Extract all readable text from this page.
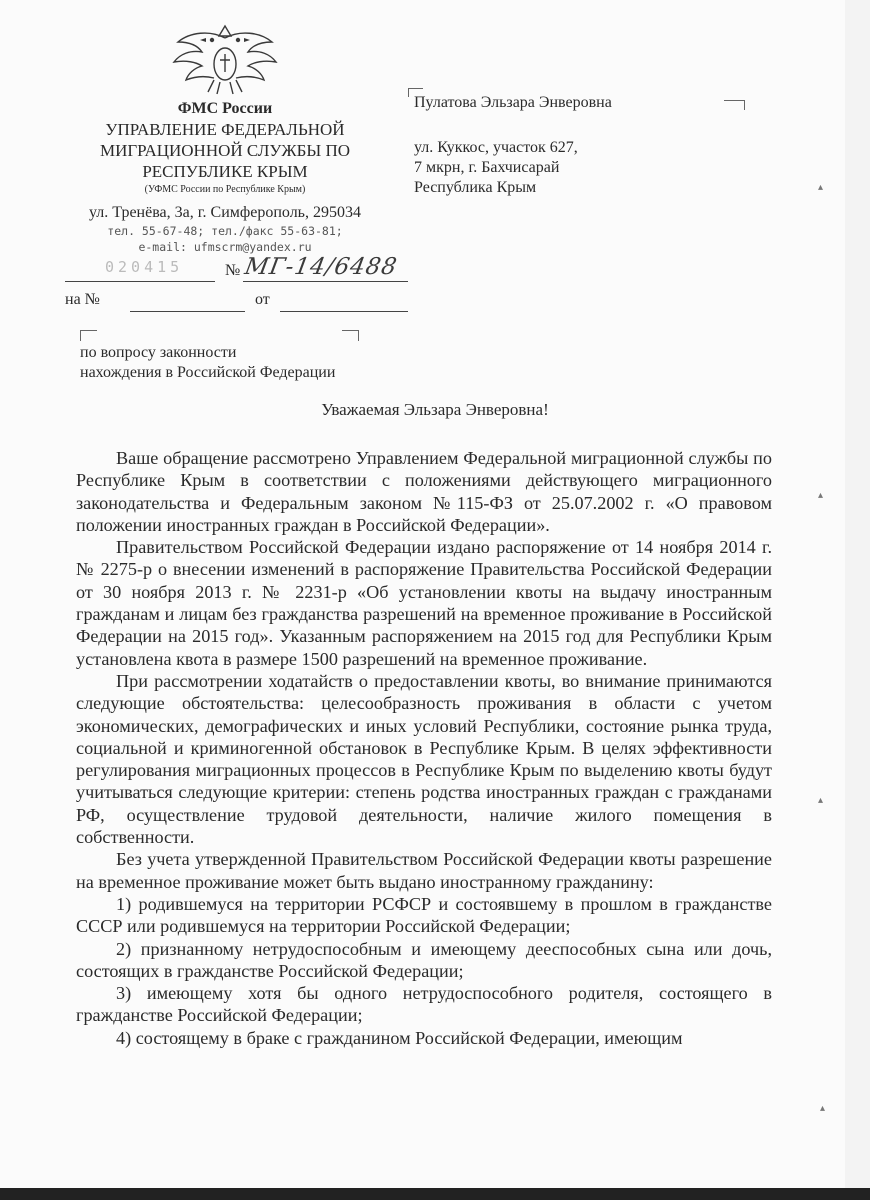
ФМС России
УПРАВЛЕНИЕ ФЕДЕРАЛЬНОЙ
МИГРАЦИОННОЙ СЛУЖБЫ ПО
РЕСПУБЛИКЕ КРЫМ
(УФМС России по Республике Крым)
ул. Тренёва, 3а, г. Симферополь, 295034
тел. 55-67-48; тел./факс 55-63-81;
e-mail: ufmscrm@yandex.ru
020415	№ МГ-14/6488
на №	от
по вопросу законности
нахождения в Российской Федерации
Пулатова Эльзара Энверовна
ул. Куккос, участок 627,
7 мкрн, г. Бахчисарай
Республика Крым
Уважаемая Эльзара Энверовна!

Ваше обращение рассмотрено Управлением Федеральной миграционной службы по Республике Крым в соответствии с положениями действующего миграционного законодательства и Федеральным законом №115-ФЗ от 25.07.2002 г. «О правовом положении иностранных граждан в Российской Федерации».

Правительством Российской Федерации издано распоряжение от 14 ноября 2014 г. № 2275-р о внесении изменений в распоряжение Правительства Российской Федерации от 30 ноября 2013 г. № 2231-р «Об установлении квоты на выдачу иностранным гражданам и лицам без гражданства разрешений на временное проживание в Российской Федерации на 2015 год». Указанным распоряжением на 2015 год для Республики Крым установлена квота в размере 1500 разрешений на временное проживание.

При рассмотрении ходатайств о предоставлении квоты, во внимание принимаются следующие обстоятельства: целесообразность проживания в области с учетом экономических, демографических и иных условий Республики, состояние рынка труда, социальной и криминогенной обстановок в Республике Крым. В целях эффективности регулирования миграционных процессов в Республике Крым по выделению квоты будут учитываться следующие критерии: степень родства иностранных граждан с гражданами РФ, осуществление трудовой деятельности, наличие жилого помещения в собственности.

Без учета утвержденной Правительством Российской Федерации квоты разрешение на временное проживание может быть выдано иностранному гражданину:

1) родившемуся на территории РСФСР и состоявшему в прошлом в гражданстве СССР или родившемуся на территории Российской Федерации;

2) признанному нетрудоспособным и имеющему дееспособных сына или дочь, состоящих в гражданстве Российской Федерации;

3) имеющему хотя бы одного нетрудоспособного родителя, состоящего в гражданстве Российской Федерации;

4) состоящему в браке с гражданином Российской Федерации, имеющим

▴
▴
▴
▴
